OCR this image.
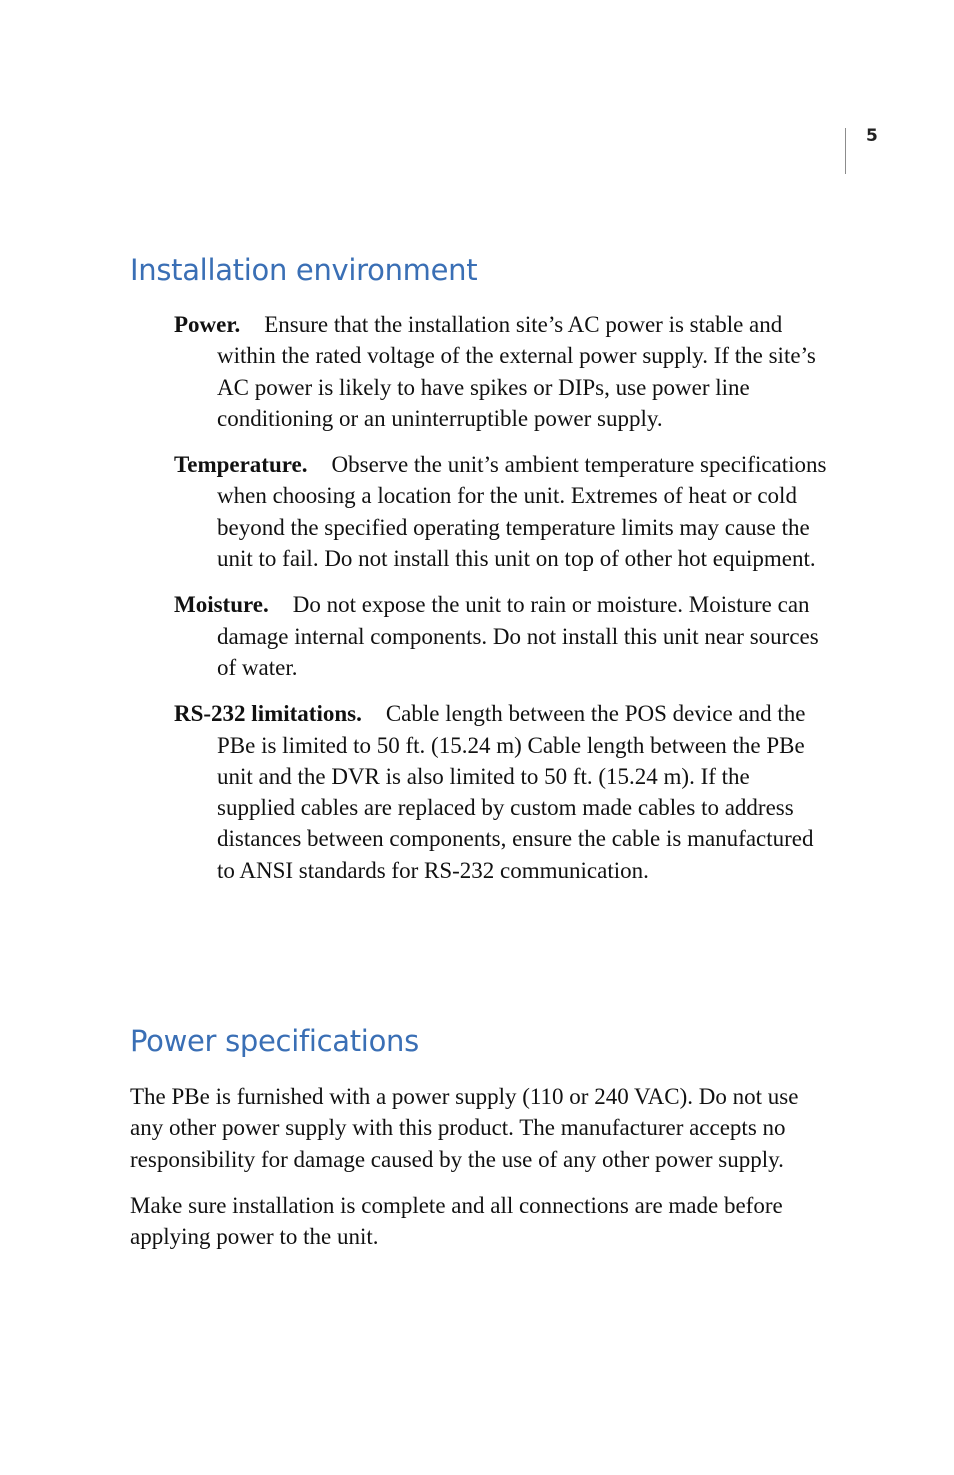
5
Installation environment

Power. Ensure that the installation site’s AC power is stable and within the rated voltage of the external power supply. If the site’s AC power is likely to have spikes or DIPs, use power line conditioning or an uninterruptible power supply.

Temperature. Observe the unit’s ambient temperature specifications when choosing a location for the unit. Extremes of heat or cold beyond the specified operating temperature limits may cause the unit to fail. Do not install this unit on top of other hot equipment.

Moisture. Do not expose the unit to rain or moisture. Moisture can damage internal components. Do not install this unit near sources of water.

RS-232 limitations. Cable length between the POS device and the PBe is limited to 50 ft. (15.24 m) Cable length between the PBe unit and the DVR is also limited to 50 ft. (15.24 m). If the supplied cables are replaced by custom made cables to address distances between components, ensure the cable is manufactured to ANSI standards for RS-232 communication.

Power specifications

The PBe is furnished with a power supply (110 or 240 VAC). Do not use any other power supply with this product. The manufacturer accepts no responsibility for damage caused by the use of any other power supply.

Make sure installation is complete and all connections are made before applying power to the unit.
